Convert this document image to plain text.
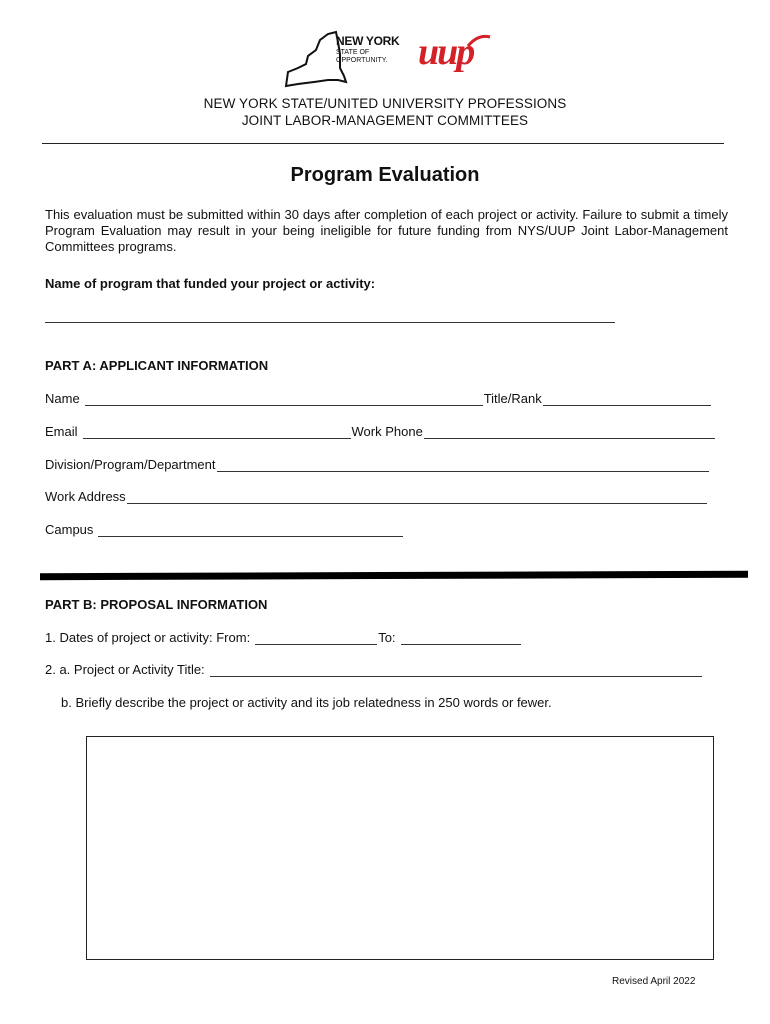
NEW YORK
STATE OF
OPPORTUNITY. uup
NEW YORK STATE/UNITED UNIVERSITY PROFESSIONS
JOINT LABOR-MANAGEMENT COMMITTEES
Program Evaluation
This evaluation must be submitted within 30 days after completion of each project or activity. Failure to submit a timely Program Evaluation may result in your being ineligible for future funding from NYS/UUP Joint Labor-Management Committees programs.
Name of program that funded your project or activity:
PART A: APPLICANT INFORMATION
Name	Title/Rank
Email	Work Phone
Division/Program/Department
Work Address
Campus
PART B: PROPOSAL INFORMATION
1. Dates of project or activity: From:	To:
2. a. Project or Activity Title:
b. Briefly describe the project or activity and its job relatedness in 250 words or fewer.
Revised April 2022
